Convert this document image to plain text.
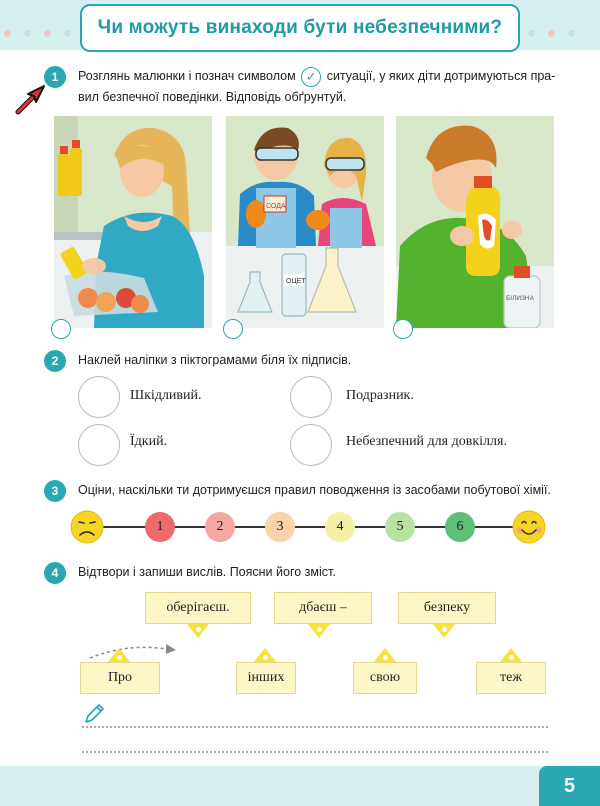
Чи можуть винаходи бути небезпечними?
1	Розглянь малюнки і познач символом ✓ ситуації, у яких діти дотримуються пра-
вил безпечної поведінки. Відповідь обґрунтуй.
СОДА
ОЦЕТ
БІЛИЗНА
2	Наклей наліпки з піктограмами біля їх підписів.
Шкідливий.	Подразник.
Їдкий.	Небезпечний для довкілля.
3	Оціни, наскільки ти дотримуєшся правил поводження із засобами побутової хімії.
1	2	3	4	5	6
4	Відтвори і запиши вислів. Поясни його зміст.
оберігаєш.	дбаєш –	безпеку
Про	інших	свою	теж
5
